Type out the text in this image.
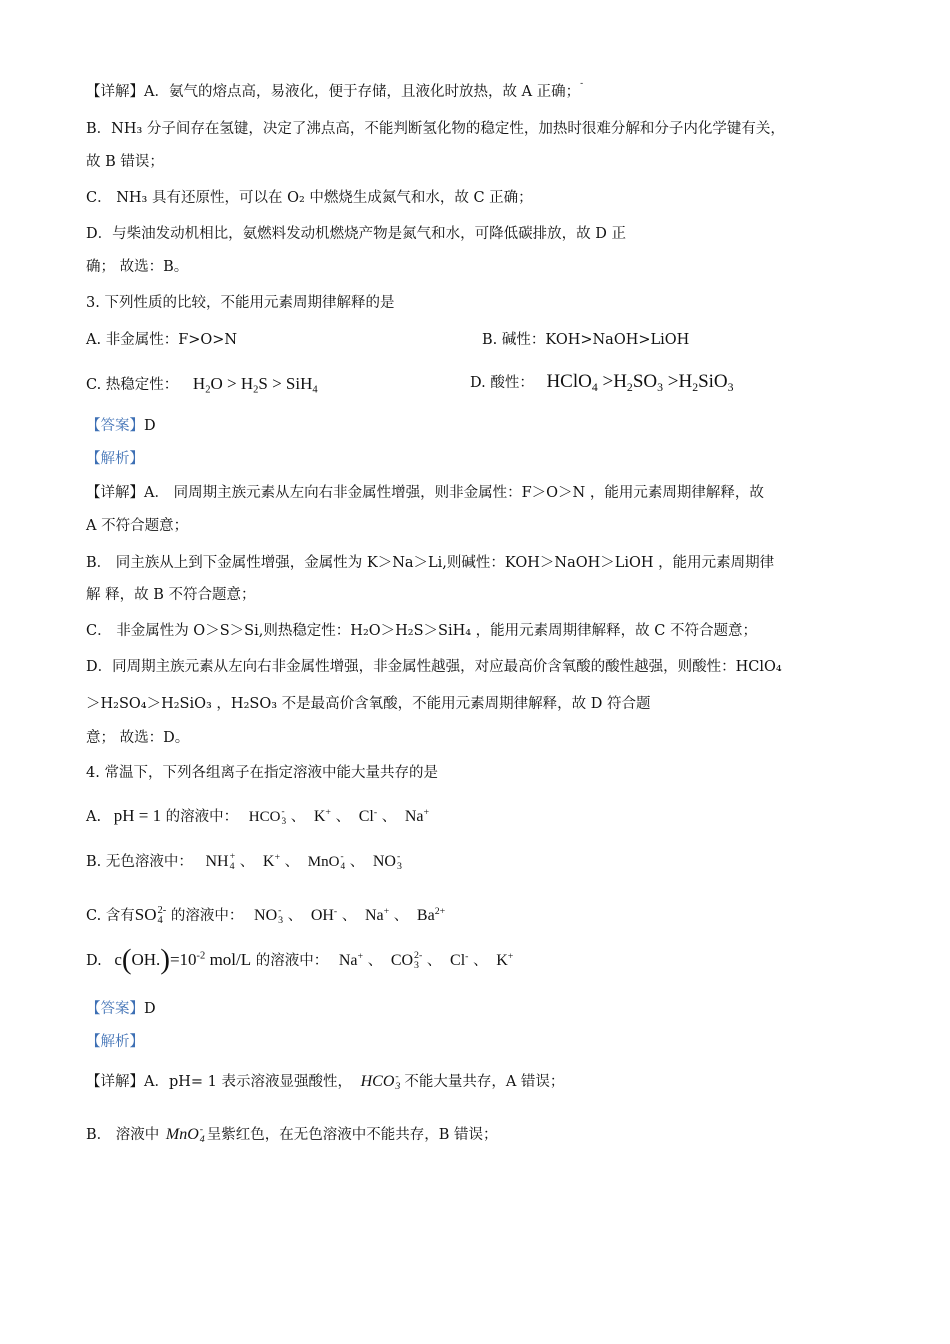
【详解】A．氨气的熔点高，易液化，便于存储，且液化时放热，故 A 正确；-
B．NH₃ 分子间存在氢键，决定了沸点高，不能判断氢化物的稳定性，加热时很难分解和分子内化学键有关，
故 B 错误；
C． NH₃ 具有还原性，可以在 O₂ 中燃烧生成氮气和水，故 C 正确；
D．与柴油发动机相比，氨燃料发动机燃烧产物是氮气和水，可降低碳排放，故 D 正
确； 故选：B。
3. 下列性质的比较，不能用元素周期律解释的是
A. 非金属性：F>O>N	B. 碱性：KOH>NaOH>LiOH
C. 热稳定性： $H_2O > H_2S > SiH_4$	D. 酸性： HClO$_4$ $>H_2SO_3 >H_2SiO_3$
【答案】D
【解析】
【详解】A． 同周期主族元素从左向右非金属性增强，则非金属性：F＞O＞N ，能用元素周期律解释，故
A 不符合题意；
B． 同主族从上到下金属性增强，金属性为 K＞Na＞Li,则碱性：KOH＞NaOH＞LiOH ，能用元素周期律
解 释，故 B 不符合题意；
C． 非金属性为 O＞S＞Si,则热稳定性：H₂O＞H₂S＞SiH₄ ，能用元素周期律解释，故 C 不符合题意；
D．同周期主族元素从左向右非金属性增强，非金属性越强，对应最高价含氧酸的酸性越强，则酸性：HClO₄
＞H₂SO₄＞H₂SiO₃ ，H₂SO₃ 不是最高价含氧酸，不能用元素周期律解释，故 D 符合题
意； 故选：D。
4. 常温下，下列各组离子在指定溶液中能大量共存的是
A. pH = 1 的溶液中： HCO -
3 、 K+ 、 Cl- 、 Na+
B. 无色溶液中： NH +
4 、 K+ 、 MnO -
4 、 NO -
3
C. 含有SO 2-
4 的溶液中： NO -
3 、 OH- 、 Na+ 、 $Ba^{2+}$
D. $c(OH.)=10^{-2}$ mol/L 的溶液中： Na+ 、 CO 2-
3 、 Cl- 、 K+
【答案】D
【解析】
【详解】A．pH= 1 表示溶液显强酸性， HCO -
3 不能大量共存，A 错误；
B． 溶液中 MnO -
4 呈紫红色，在无色溶液中不能共存，B 错误；
